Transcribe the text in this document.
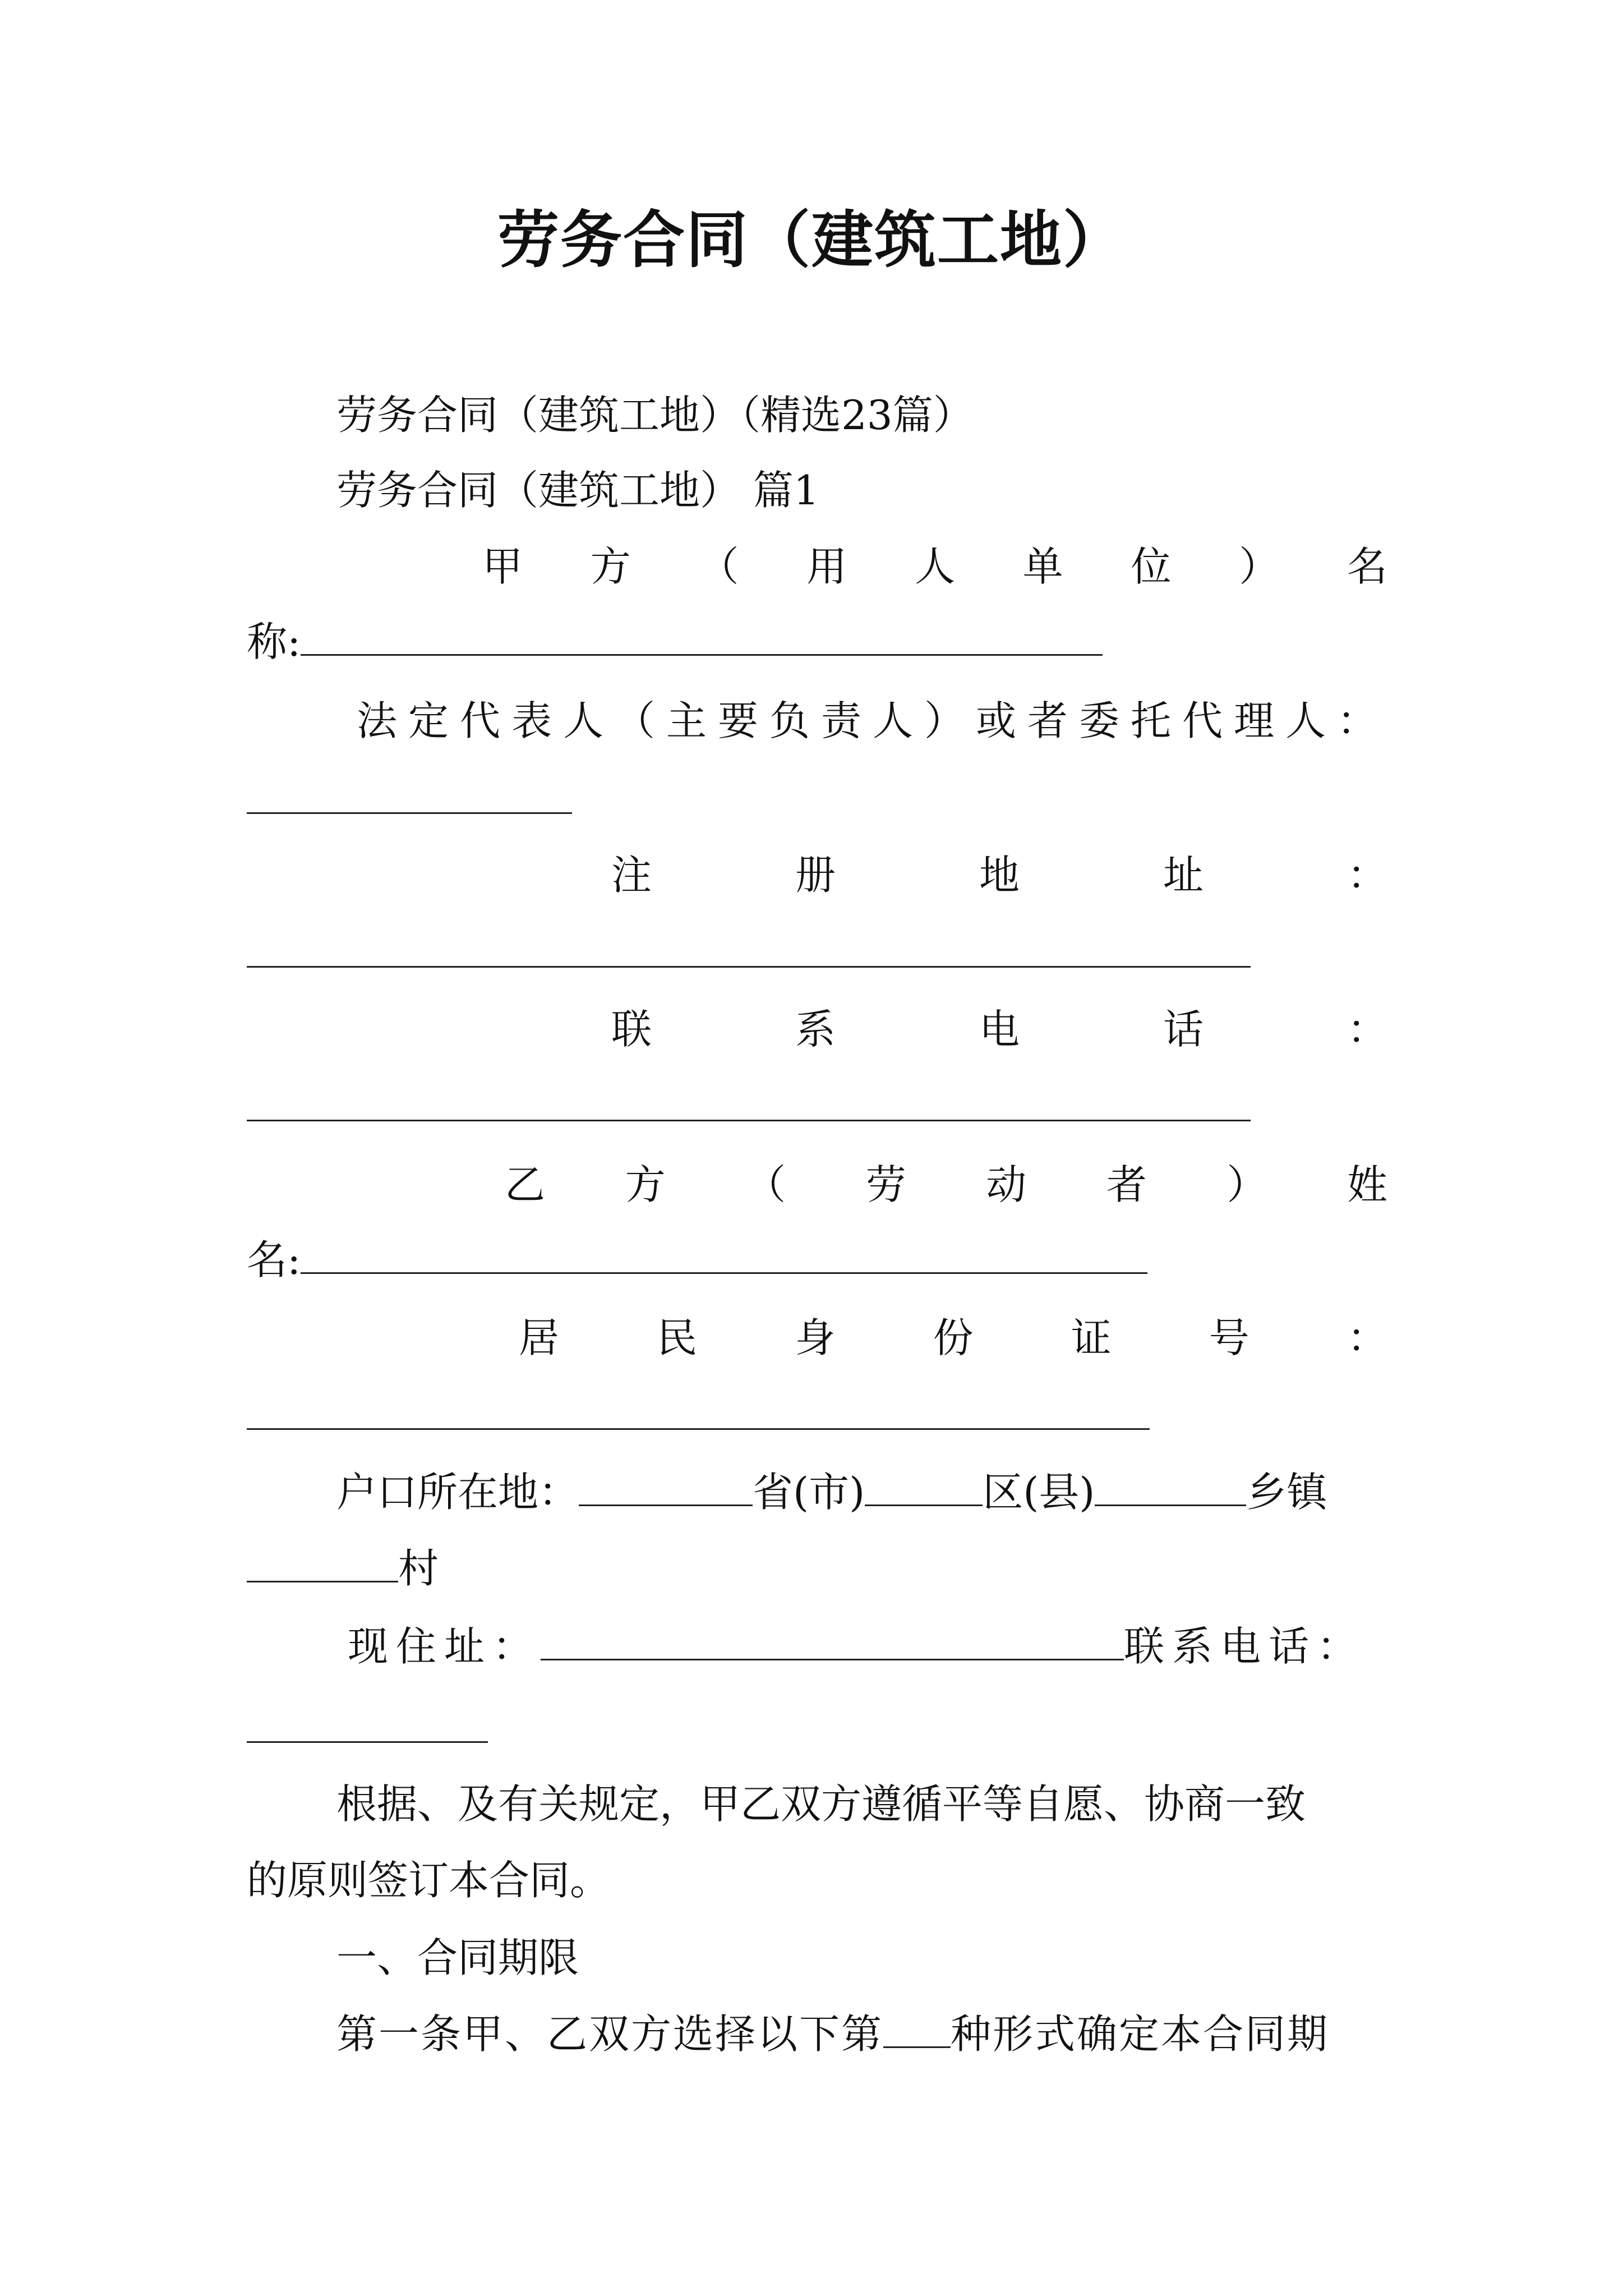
劳务合同（建筑工地）
劳务合同（建筑工地）（精选23篇）
劳务合同（建筑工地） 篇1
甲 方 （ 用 人 单 位 ） 名
称:
法定代表人（主要负责人）或者委托代理人：
注	册	地	址	：
联	系	电	话	：
乙 方 （ 劳 动 者 ） 姓
名:
居 民 身 份 证 号 ：
户口所在地：	省(市)	区(县)	乡镇
村
现住址：	联系电话：
根据、及有关规定，甲乙双方遵循平等自愿、协商一致
的原则签订本合同。
一、合同期限
第一条甲、乙双方选择以下第 种形式确定本合同期
